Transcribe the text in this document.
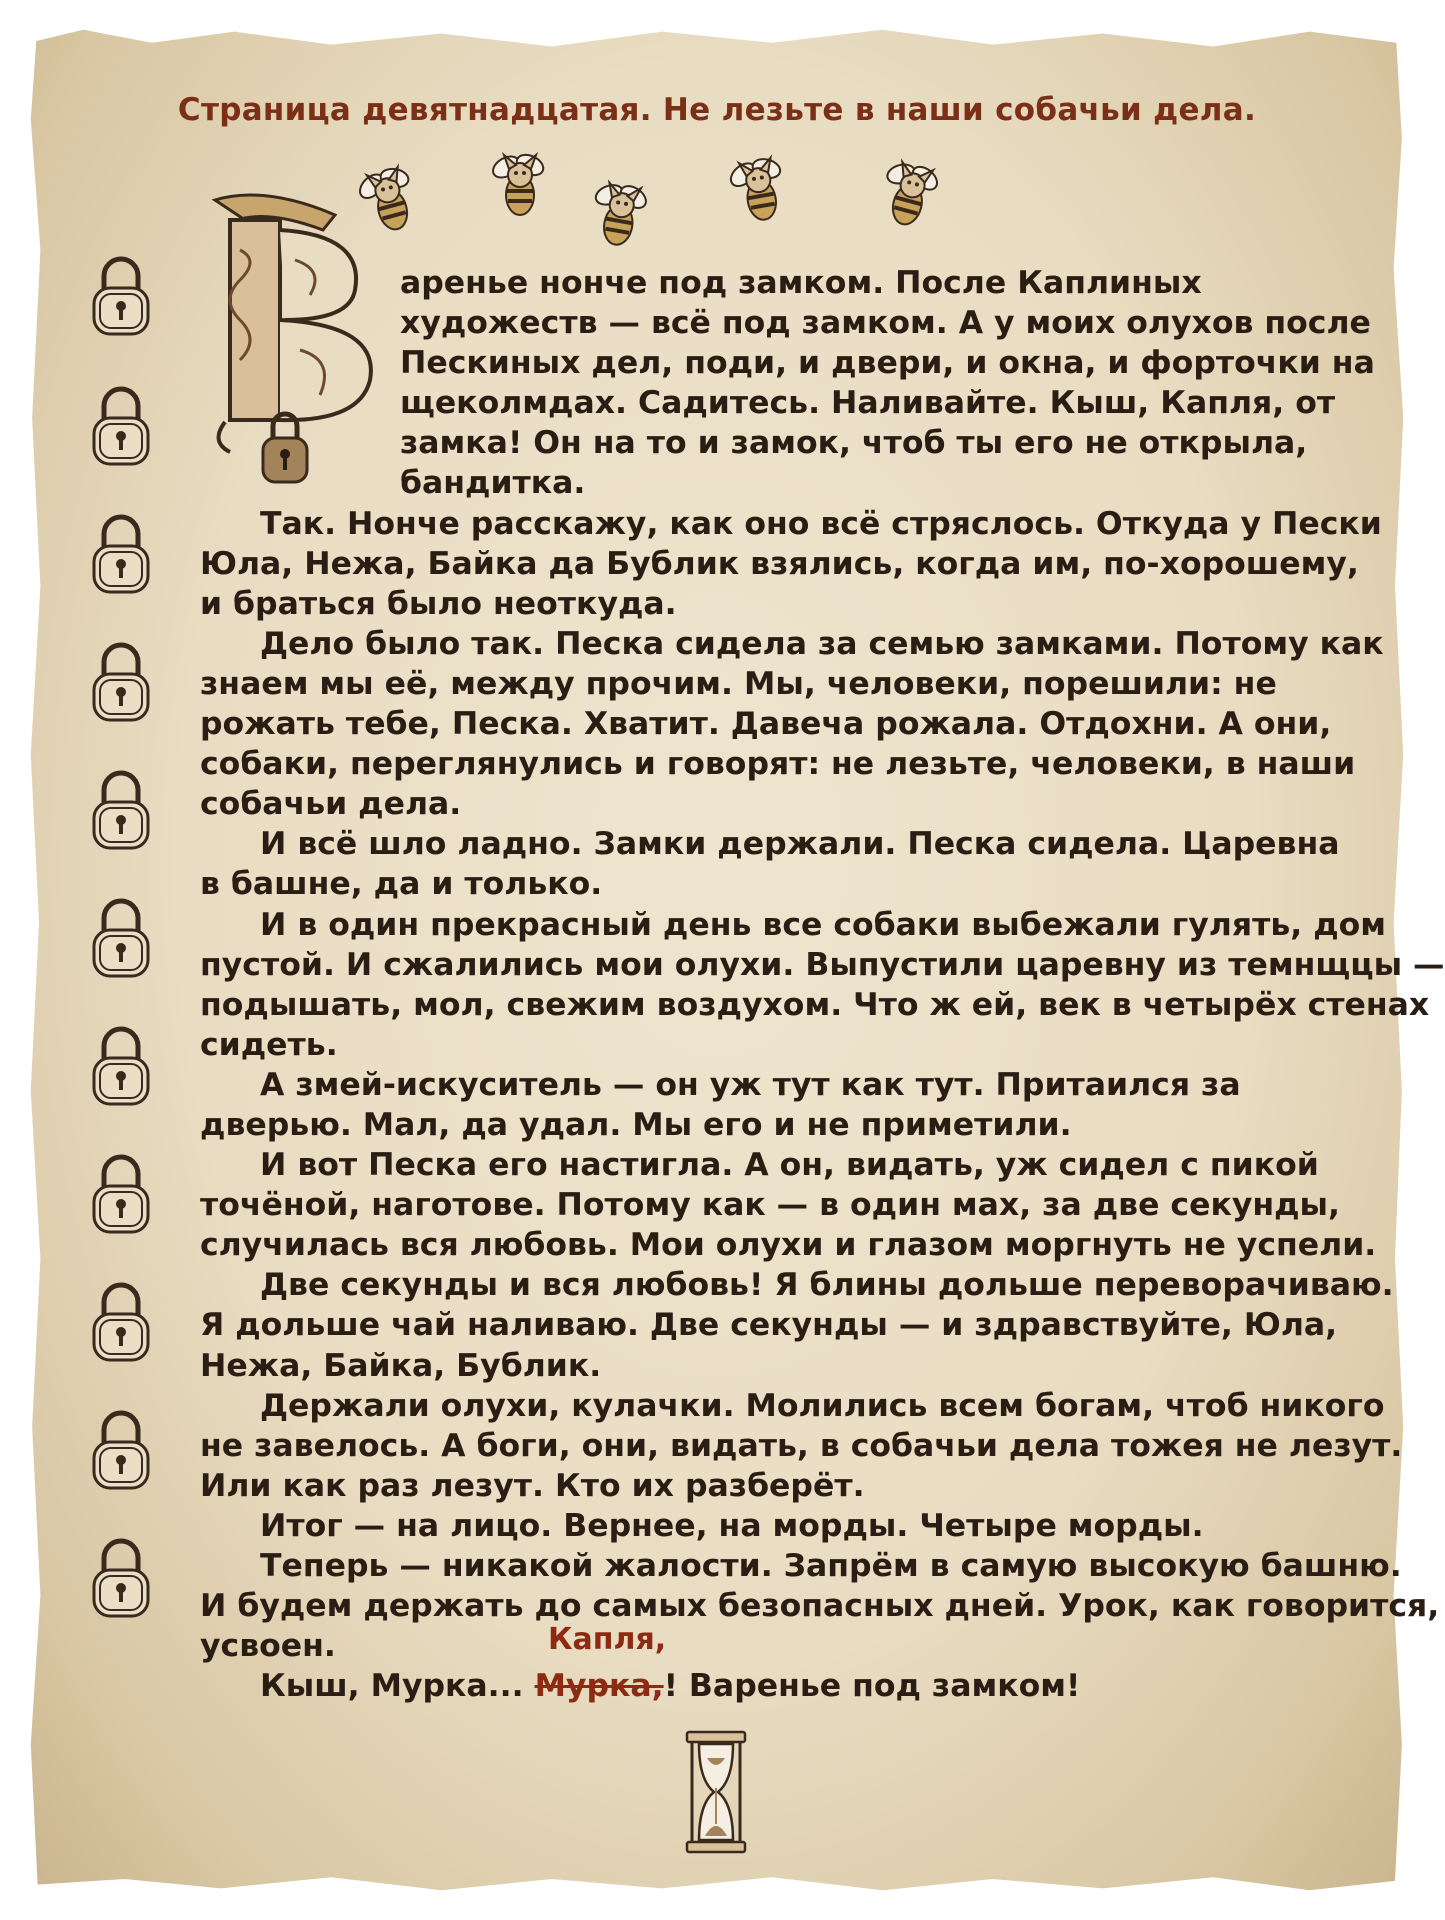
Страница девятнадцатая. Не лезьте в наши собачьи дела.
аренье нонче под замком. После Каплиных
художеств — всё под замком. А у моих олухов после
Пескиных дел, поди, и двери, и окна, и форточки на
щеколмдах. Садитесь. Наливайте. Кыш, Капля, от
замка! Он на то и замок, чтоб ты его не открыла,
бандитка.
Так. Нонче расскажу, как оно всё стряслось. Откуда у Пески
Юла, Нежа, Байка да Бублик взялись, когда им, по-хорошему,
и браться было неоткуда.
Дело было так. Песка сидела за семью замками. Потому как
знаем мы её, между прочим. Мы, человеки, порешили: не
рожать тебе, Песка. Хватит. Давеча рожала. Отдохни. А они,
собаки, переглянулись и говорят: не лезьте, человеки, в наши
собачьи дела.
И всё шло ладно. Замки держали. Песка сидела. Царевна
в башне, да и только.
И в один прекрасный день все собаки выбежали гулять, дом
пустой. И сжалились мои олухи. Выпустили царевну из темнщцы —
подышать, мол, свежим воздухом. Что ж ей, век в четырёх стенах
сидеть.
А змей-искуситель — он уж тут как тут. Притаился за
дверью. Мал, да удал. Мы его и не приметили.
И вот Песка его настигла. А он, видать, уж сидел с пикой
точёной, наготове. Потому как — в один мах, за две секунды,
случилась вся любовь. Мои олухи и глазом моргнуть не успели.
Две секунды и вся любовь! Я блины дольше переворачиваю.
Я дольше чай наливаю. Две секунды — и здравствуйте, Юла,
Нежа, Байка, Бублик.
Держали олухи, кулачки. Молились всем богам, чтоб никого
не завелось. А боги, они, видать, в собачьи дела тожея не лезут.
Или как раз лезут. Кто их разберёт.
Итог — на лицо. Вернее, на морды. Четыре морды.
Теперь — никакой жалости. Запрём в самую высокую башню.
И будем держать до самых безопасных дней. Урок, как говорится,
усвоен.
Кыш, Мурка... Мурка,! Варенье под замком!
Капля,
